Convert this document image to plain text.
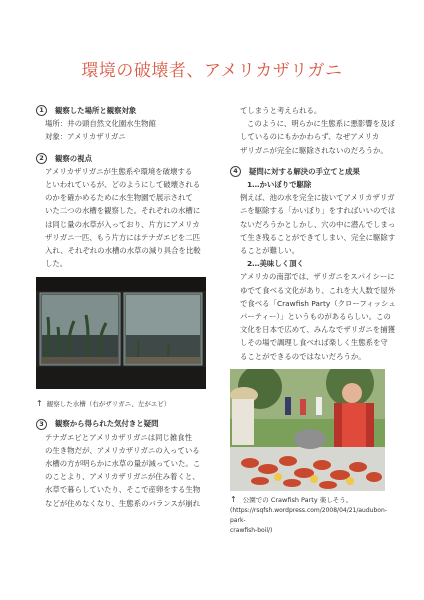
環境の破壊者、アメリカザリガニ
1	観察した場所と観察対象

場所：井の頭自然文化園水生物館

対象：アメリカザリガニ

2	観察の視点

アメリカザリガニが生態系や環境を破壊する

といわれているが、どのようにして破壊される

のかを確かめるために水生物園で展示されて

いた二つの水槽を観察した。それぞれの水槽に

は同じ量の水草が入っており、片方にアメリカ

ザリガニ一匹、もう片方にはテナガエビを二匹

入れ、それぞれの水槽の水草の減り具合を比較

した。

↑ 観察した水槽（右がザリガニ、左がエビ）
3	観察から得られた気付きと疑問

テナガエビとアメリカザリガニは同じ雑食性

の生き物だが、アメリカザリガニの入っている

水槽の方が明らかに水草の量が減っていた。こ

のことより、アメリカザリガニが住み着くと、

水草で暮らしていたり、そこで産卵をする生物

などが住めなくなり、生態系のバランスが崩れ

てしまうと考えられる。

このように、明らかに生態系に悪影響を及ぼ

しているのにもかかわらず、なぜアメリカ

ザリガニが完全に駆除されないのだろうか。

4	疑問に対する解決の手立てと成果

1…かいぼりで駆除

例えば、池の水を完全に抜いてアメリカザリガ

ニを駆除する「かいぼり」をすればいいのでは

ないだろうかとしかし、穴の中に潜んでしまっ

て生き残ることができてしまい、完全に駆除す

ることが難しい。

2…美味しく頂く

アメリカの南部では、ザリガニをスパイシーに

ゆでて食べる文化があり、これを大人数で屋外

で食べる「Crawfish Party（クローフィッシュ

パーティー）」というものがあるらしい。この

文化を日本で広めて、みんなでザリガニを捕獲

しその場で調理し食べれば楽しく生態系を守

ることができるのではないだろうか。

↑ 公園での Crawfish Party 楽しそう。
(https://rsqfsh.wordpress.com/2008/04/21/audubon-park-
crawfish-boil/)
